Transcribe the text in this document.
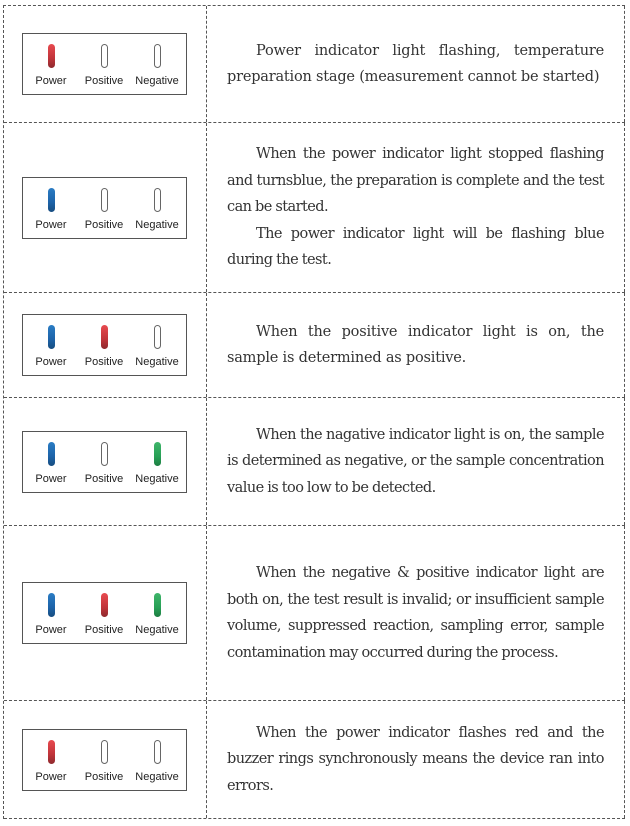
Power Positive Negative

Power indicator light flashing, temperature preparation stage (measurement cannot be started)

Power Positive Negative

When the power indicator light stopped flashing and turnsblue, the preparation is complete and the test can be started.

The power indicator light will be flashing blue during the test.

Power Positive Negative

When the positive indicator light is on, the sample is determined as positive.

Power Positive Negative

When the nagative indicator light is on, the sample is determined as negative, or the sample concentration value is too low to be detected.

Power Positive Negative

When the negative & positive indicator light are both on, the test result is invalid; or insufficient sample volume, suppressed reaction, sampling error, sample contamination may occurred during the process.

Power Positive Negative

When the power indicator flashes red and the buzzer rings synchronously means the device ran into errors.
